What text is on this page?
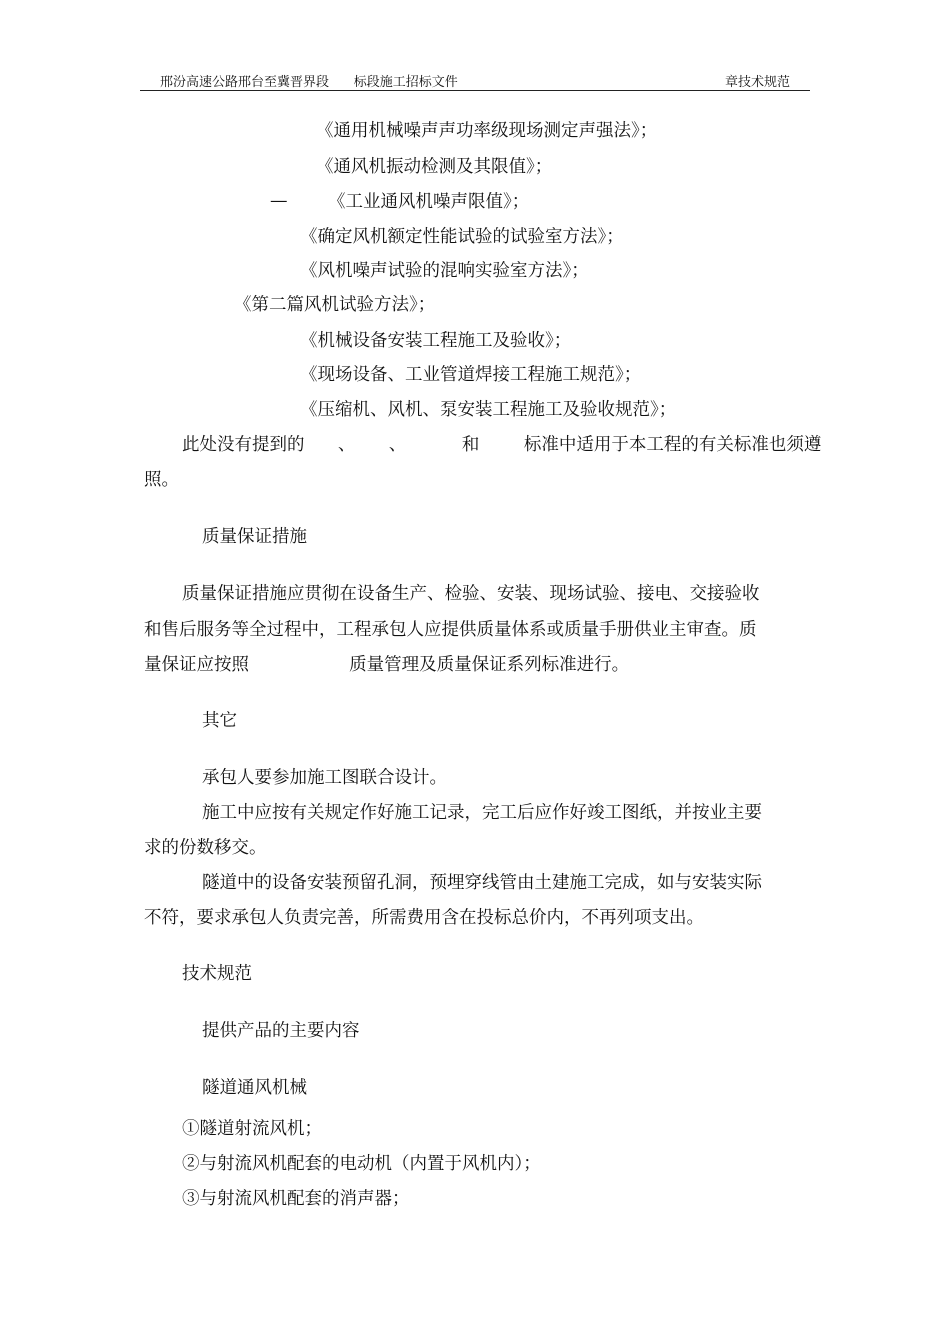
邢汾高速公路邢台至冀晋界段      标段施工招标文件	章技术规范
《通用机械噪声声功率级现场测定声强法》；
《通风机振动检测及其限值》；
— 《工业通风机噪声限值》；
《确定风机额定性能试验的试验室方法》；
《风机噪声试验的混响实验室方法》；
《第二篇风机试验方法》；
《机械设备安装工程施工及验收》；
《现场设备、工业管道焊接工程施工规范》；
《压缩机、风机、泵安装工程施工及验收规范》；
此处没有提到的      、      、          和        标准中适用于本工程的有关标准也须遵
照。
质量保证措施
质量保证措施应贯彻在设备生产、检验、安装、现场试验、接电、交接验收
和售后服务等全过程中，工程承包人应提供质量体系或质量手册供业主审查。质
量保证应按照                  质量管理及质量保证系列标准进行。
其它
承包人要参加施工图联合设计。
施工中应按有关规定作好施工记录，完工后应作好竣工图纸，并按业主要
求的份数移交。
隧道中的设备安装预留孔洞，预埋穿线管由土建施工完成，如与安装实际
不符，要求承包人负责完善，所需费用含在投标总价内，不再列项支出。
技术规范
提供产品的主要内容
隧道通风机械
①隧道射流风机；
②与射流风机配套的电动机（内置于风机内）；
③与射流风机配套的消声器；
